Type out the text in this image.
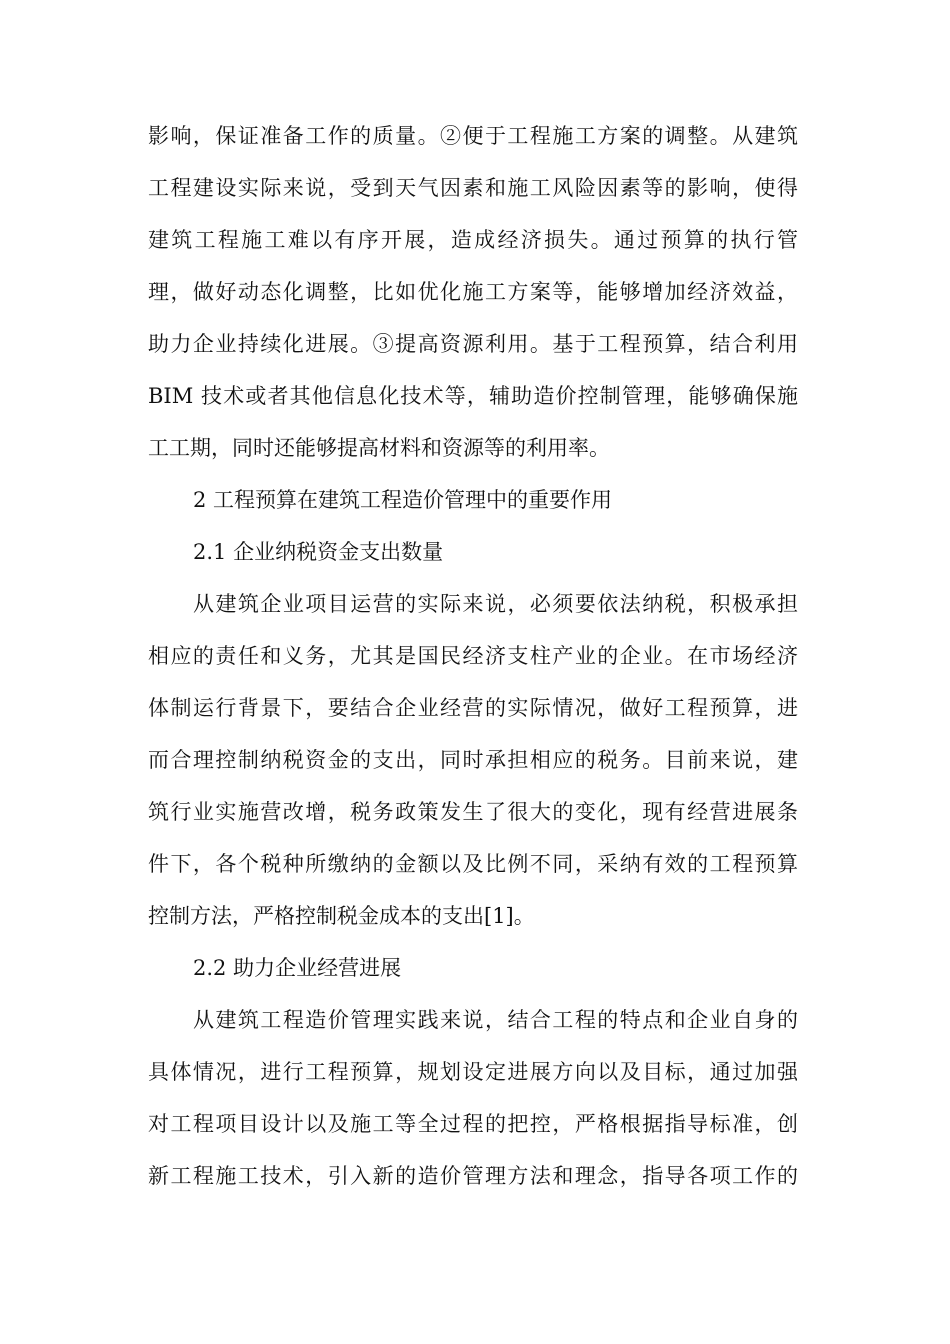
影响，保证准备工作的质量。②便于工程施工方案的调整。从建筑
工程建设实际来说，受到天气因素和施工风险因素等的影响，使得
建筑工程施工难以有序开展，造成经济损失。通过预算的执行管
理，做好动态化调整，比如优化施工方案等，能够增加经济效益，
助力企业持续化进展。③提高资源利用。基于工程预算，结合利用
BIM 技术或者其他信息化技术等，辅助造价控制管理，能够确保施
工工期，同时还能够提高材料和资源等的利用率。
2 工程预算在建筑工程造价管理中的重要作用
2.1 企业纳税资金支出数量
从建筑企业项目运营的实际来说，必须要依法纳税，积极承担
相应的责任和义务，尤其是国民经济支柱产业的企业。在市场经济
体制运行背景下，要结合企业经营的实际情况，做好工程预算，进
而合理控制纳税资金的支出，同时承担相应的税务。目前来说，建
筑行业实施营改增，税务政策发生了很大的变化，现有经营进展条
件下，各个税种所缴纳的金额以及比例不同，采纳有效的工程预算
控制方法，严格控制税金成本的支出[1]。
2.2 助力企业经营进展
从建筑工程造价管理实践来说，结合工程的特点和企业自身的
具体情况，进行工程预算，规划设定进展方向以及目标，通过加强
对工程项目设计以及施工等全过程的把控，严格根据指导标准，创
新工程施工技术，引入新的造价管理方法和理念，指导各项工作的
